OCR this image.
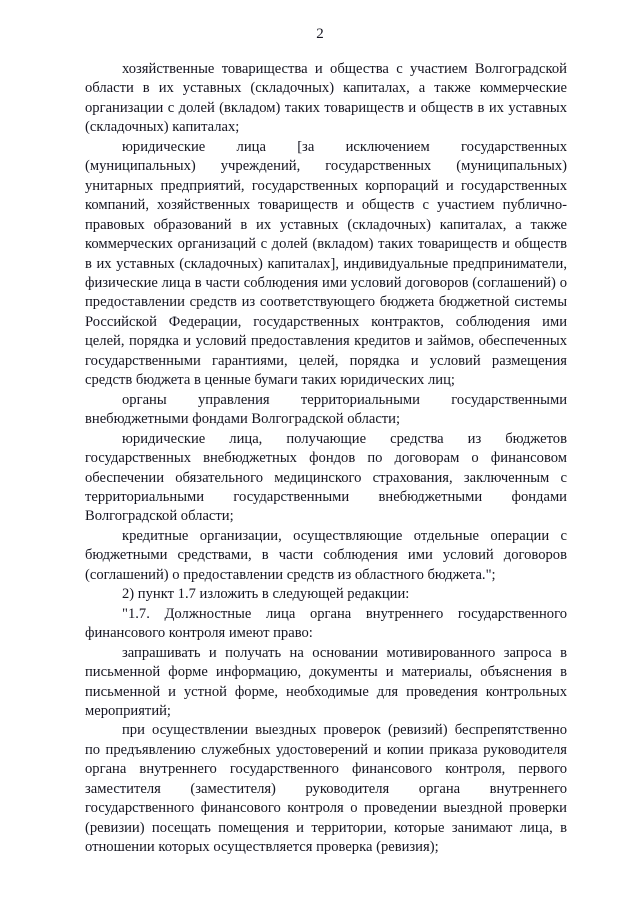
2

хозяйственные товарищества и общества с участием Волгоградской области в их уставных (складочных) капиталах, а также коммерческие организации с долей (вкладом) таких товариществ и обществ в их уставных (складочных) капиталах;

юридические лица [за исключением государственных (муниципальных) учреждений, государственных (муниципальных) унитарных предприятий, государственных корпораций и государственных компаний, хозяйственных товариществ и обществ с участием публично-правовых образований в их уставных (складочных) капиталах, а также коммерческих организаций с долей (вкладом) таких товариществ и обществ в их уставных (складочных) капиталах], индивидуальные предприниматели, физические лица в части соблюдения ими условий договоров (соглашений) о предоставлении средств из соответствующего бюджета бюджетной системы Российской Федерации, государственных контрактов, соблюдения ими целей, порядка и условий предоставления кредитов и займов, обеспеченных государственными гарантиями, целей, порядка и условий размещения средств бюджета в ценные бумаги таких юридических лиц;

органы управления территориальными государственными внебюджетными фондами Волгоградской области;

юридические лица, получающие средства из бюджетов государственных внебюджетных фондов по договорам о финансовом обеспечении обязательного медицинского страхования, заключенным с территориальными государственными внебюджетными фондами Волгоградской области;

кредитные организации, осуществляющие отдельные операции с бюджетными средствами, в части соблюдения ими условий договоров (соглашений) о предоставлении средств из областного бюджета.";

2) пункт 1.7 изложить в следующей редакции:

"1.7. Должностные лица органа внутреннего государственного финансового контроля имеют право:

запрашивать и получать на основании мотивированного запроса в письменной форме информацию, документы и материалы, объяснения в письменной и устной форме, необходимые для проведения контрольных мероприятий;

при осуществлении выездных проверок (ревизий) беспрепятственно по предъявлению служебных удостоверений и копии приказа руководителя органа внутреннего государственного финансового контроля, первого заместителя (заместителя) руководителя органа внутреннего государственного финансового контроля о проведении выездной проверки (ревизии) посещать помещения и территории, которые занимают лица, в отношении которых осуществляется проверка (ревизия);
